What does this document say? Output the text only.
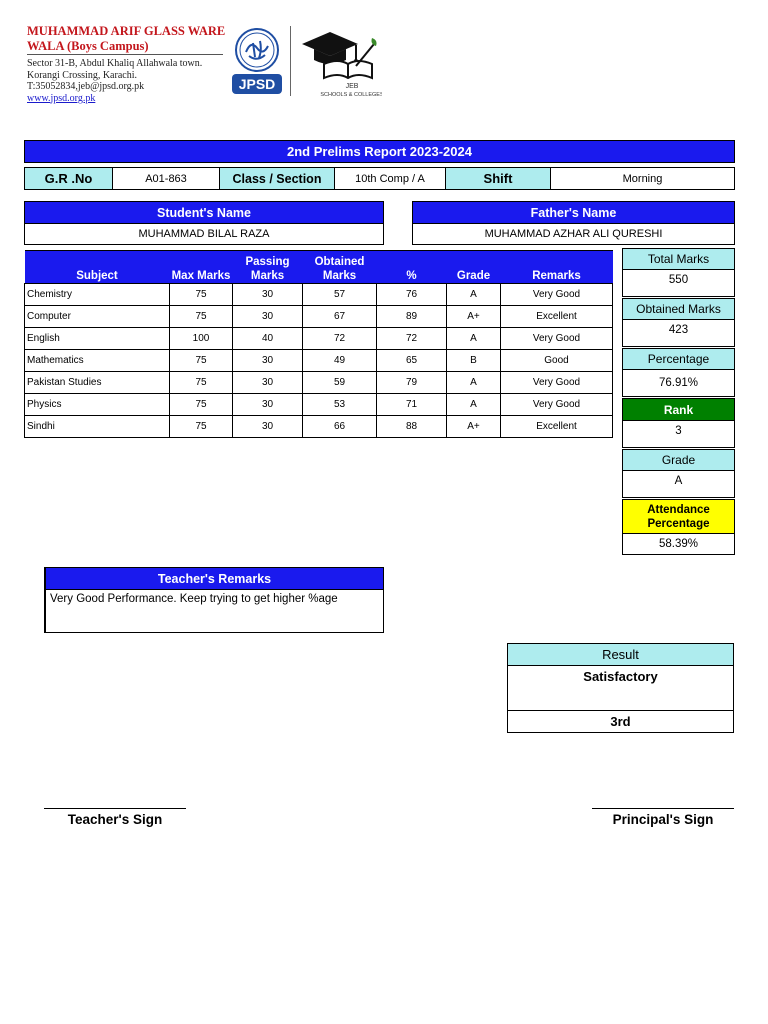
MUHAMMAD ARIF GLASS WARE WALA (Boys Campus)
Sector 31-B, Abdul Khaliq Allahwala town.
Korangi Crossing, Karachi.
T:35052834,jeb@jpsd.org.pk
www.jpsd.org.pk
JPSD	JEB
SCHOOLS & COLLEGES
2nd Prelims Report 2023-2024
G.R .No	A01-863	Class / Section	10th Comp / A	Shift	Morning
Student's Name
MUHAMMAD BILAL RAZA
Father's Name
MUHAMMAD AZHAR ALI QURESHI
Subject	Max Marks	Passing Marks	Obtained Marks	%	Grade	Remarks
Chemistry	75	30	57	76	A	Very Good
Computer	75	30	67	89	A+	Excellent
English	100	40	72	72	A	Very Good
Mathematics	75	30	49	65	B	Good
Pakistan Studies	75	30	59	79	A	Very Good
Physics	75	30	53	71	A	Very Good
Sindhi	75	30	66	88	A+	Excellent
Total Marks
550
Obtained Marks
423
Percentage
76.91%
Rank
3
Grade
A
Attendance Percentage
58.39%
Teacher's Remarks
Very Good Performance. Keep trying to get higher %age
Result
Satisfactory
3rd
Teacher's Sign	Principal's Sign
